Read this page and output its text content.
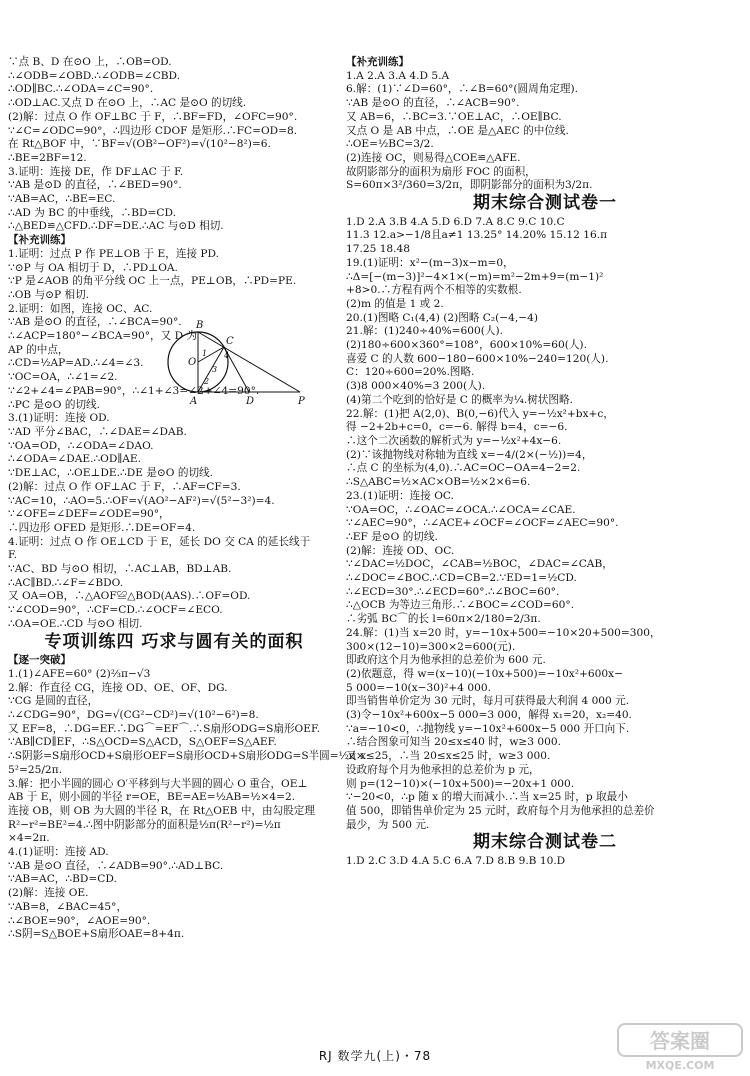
∵点 B、D 在⊙O 上，∴OB=OD.
∴∠ODB=∠OBD.∴∠ODB=∠CBD.
∴OD∥BC.∴∠ODA=∠C=90°.
∴OD⊥AC.又点 D 在⊙O 上，∴AC 是⊙O 的切线.
(2)解：过点 O 作 OF⊥BC 于 F，∴BF=FD，∠OFC=90°.
∵∠C=∠ODC=90°，∴四边形 CDOF 是矩形.∴FC=OD=8.
在 Rt△BOF 中，∵BF=√(OB²−OF²)=√(10²−8²)=6.
∴BE=2BF=12.
3.证明：连接 DE，作 DF⊥AC 于 F.
∵AB 是⊙D 的直径，∴∠BED=90°.
∵AB=AC，∴BE=EC.
∴AD 为 BC 的中垂线，∴BD=CD.
∴△BED≌△CFD.∴DF=DE.∴AC 与⊙D 相切.
【补充训练】
1.证明：过点 P 作 PE⊥OB 于 E，连接 PD.
∵⊙P 与 OA 相切于 D，∴PD⊥OA.
∵P 是∠AOB 的角平分线 OC 上一点，PE⊥OB，∴PD=PE.
∴OB 与⊙P 相切.
2.证明：如图，连接 OC、AC.
B
C
O
A	D	P
1
2
3
4
∵AB 是⊙O 的直径，∴∠BCA=90°.
∴∠ACP=180°−∠BCA=90°，又 D 为
AP 的中点，
∴CD=½AP=AD.∴∠4=∠3.
∵OC=OA，∴∠1=∠2.
∵∠2+∠4=∠PAB=90°，∴∠1+∠3=∠2+∠4=90°.
∴PC 是⊙O 的切线.
3.(1)证明：连接 OD.
∵AD 平分∠BAC，∴∠DAE=∠DAB.
∵OA=OD，∴∠ODA=∠DAO.
∴∠ODA=∠DAE.∴OD∥AE.
∵DE⊥AC，∴OE⊥DE.∴DE 是⊙O 的切线.
(2)解：过点 O 作 OF⊥AC 于 F，∴AF=CF=3.
∵AC=10，∴AO=5.∴OF=√(AO²−AF²)=√(5²−3²)=4.
∵∠OFE=∠DEF=∠ODE=90°，
∴四边形 OFED 是矩形.∴DE=OF=4.
4.证明：过点 O 作 OE⊥CD 于 E，延长 DO 交 CA 的延长线于
F.
∵AC、BD 与⊙O 相切，∴AC⊥AB，BD⊥AB.
∴AC∥BD.∴∠F=∠BDO.
又 OA=OB，∴△AOF≌△BOD(AAS).∴OF=OD.
∵∠COD=90°，∴CF=CD.∴∠OCF=∠ECO.
∴OA=OE.∴CD 与⊙O 相切.
专项训练四 巧求与圆有关的面积
【逐一突破】
1.(1)∠AFE=60° (2)⅔π−√3
2.解：作直径 CG，连接 OD、OE、OF、DG.
∵CG 是圆的直径，
∴∠CDG=90°，DG=√(CG²−CD²)=√(10²−6²)=8.
又 EF=8，∴DG=EF.∴DG⌒=EF⌒.∴S扇形ODG=S扇形OEF.
∵AB∥CD∥EF，∴S△OCD=S△ACD，S△OEF=S△AEF.
∴S阴影=S扇形OCD+S扇形OEF=S扇形OCD+S扇形ODG=S半圆=½π×
5²=25/2π.
3.解：把小半圆的圆心 O′平移到与大半圆的圆心 O 重合，OE⊥
AB 于 E，则小圆的半径 r=OE，BE=AE=½AB=½×4=2.
连接 OB，则 OB 为大圆的半径 R，在 Rt△OEB 中，由勾股定理
R²−r²=BE²=4.∴图中阴影部分的面积是½π(R²−r²)=½π
×4=2π.
4.(1)证明：连接 AD.
∵AB 是⊙O 直径，∴∠ADB=90°.∴AD⊥BC.
∵AB=AC，∴BD=CD.
(2)解：连接 OE.
∵AB=8，∠BAC=45°，
∴∠BOE=90°，∠AOE=90°.
∴S阴=S△BOE+S扇形OAE=8+4π.
【补充训练】
1.A 2.A 3.A 4.D 5.A
6.解：(1)∵∠D=60°，∴∠B=60°(圆周角定理).
∵AB 是⊙O 的直径，∴∠ACB=90°.
又 AB=6，∴BC=3.∵OE⊥AC，∴OE∥BC.
又点 O 是 AB 中点，∴OE 是△AEC 的中位线.
∴OE=½BC=3/2.
(2)连接 OC，则易得△COE≌△AFE.
故阴影部分的面积为扇形 FOC 的面积，
S=60π×3²/360=3/2π，即阴影部分的面积为3/2π.
期末综合测试卷一
1.D 2.A 3.B 4.A 5.D 6.D 7.A 8.C 9.C 10.C
11.3 12.a>−1/8且a≠1 13.25° 14.20% 15.12 16.π
17.25 18.48
19.(1)证明：x²−(m−3)x−m=0，
∴Δ=[−(m−3)]²−4×1×(−m)=m²−2m+9=(m−1)²
+8>0.∴方程有两个不相等的实数根.
(2)m 的值是 1 或 2.
20.(1)图略 C₁(4,4) (2)图略 C₂(−4,−4)
21.解：(1)240÷40%=600(人).
(2)180÷600×360°=108°，600×10%=60(人).
喜爱 C 的人数 600−180−600×10%−240=120(人).
C：120÷600=20%.图略.
(3)8 000×40%=3 200(人).
(4)第二个吃到的恰好是 C 的概率为¼.树状图略.
22.解：(1)把 A(2,0)、B(0,−6)代入 y=−½x²+bx+c，
得 −2+2b+c=0，c=−6. 解得 b=4，c=−6.
∴这个二次函数的解析式为 y=−½x²+4x−6.
(2)∵该抛物线对称轴为直线 x=−4/(2×(−½))=4，
∴点 C 的坐标为(4,0).∴AC=OC−OA=4−2=2.
∴S△ABC=½×AC×OB=½×2×6=6.
23.(1)证明：连接 OC.
∵OA=OC，∴∠OAC=∠OCA.∴∠OCA=∠CAE.
∵∠AEC=90°，∴∠ACE+∠OCF=∠OCF=∠AEC=90°.
∴EF 是⊙O 的切线.
(2)解：连接 OD、OC.
∵∠DAC=½DOC，∠CAB=½BOC，∠DAC=∠CAB，
∴∠DOC=∠BOC.∴CD=CB=2.∵ED=1=½CD.
∴∠ECD=30°.∴∠ECD=60°.∴∠BOC=60°.
∴△OCB 为等边三角形.∴∠BOC=∠COD=60°.
∴劣弧 BC⌒的长 l=60π×2/180=2/3π.
24.解：(1)当 x=20 时，y=−10x+500=−10×20+500=300，
300×(12−10)=300×2=600(元).
即政府这个月为他承担的总差价为 600 元.
(2)依题意，得 w=(x−10)(−10x+500)=−10x²+600x−
5 000=−10(x−30)²+4 000.
即当销售单价定为 30 元时，每月可获得最大利润 4 000 元.
(3)令−10x²+600x−5 000=3 000，解得 x₁=20，x₂=40.
∵a=−10<0，∴抛物线 y=−10x²+600x−5 000 开口向下.
∴结合图象可知当 20≤x≤40 时，w≥3 000.
又 x≤25，∴当 20≤x≤25 时，w≥3 000.
设政府每个月为他承担的总差价为 p 元，
则 p=(12−10)×(−10x+500)=−20x+1 000.
∵−20<0，∴p 随 x 的增大而减小.∴当 x=25 时，p 取最小
值 500，即销售单价定为 25 元时，政府每个月为他承担的总差价
最少，为 500 元.
期末综合测试卷二
1.D 2.C 3.D 4.A 5.C 6.A 7.D 8.B 9.B 10.D
RJ 数学九(上)・78
答案圈
MXQE.COM
